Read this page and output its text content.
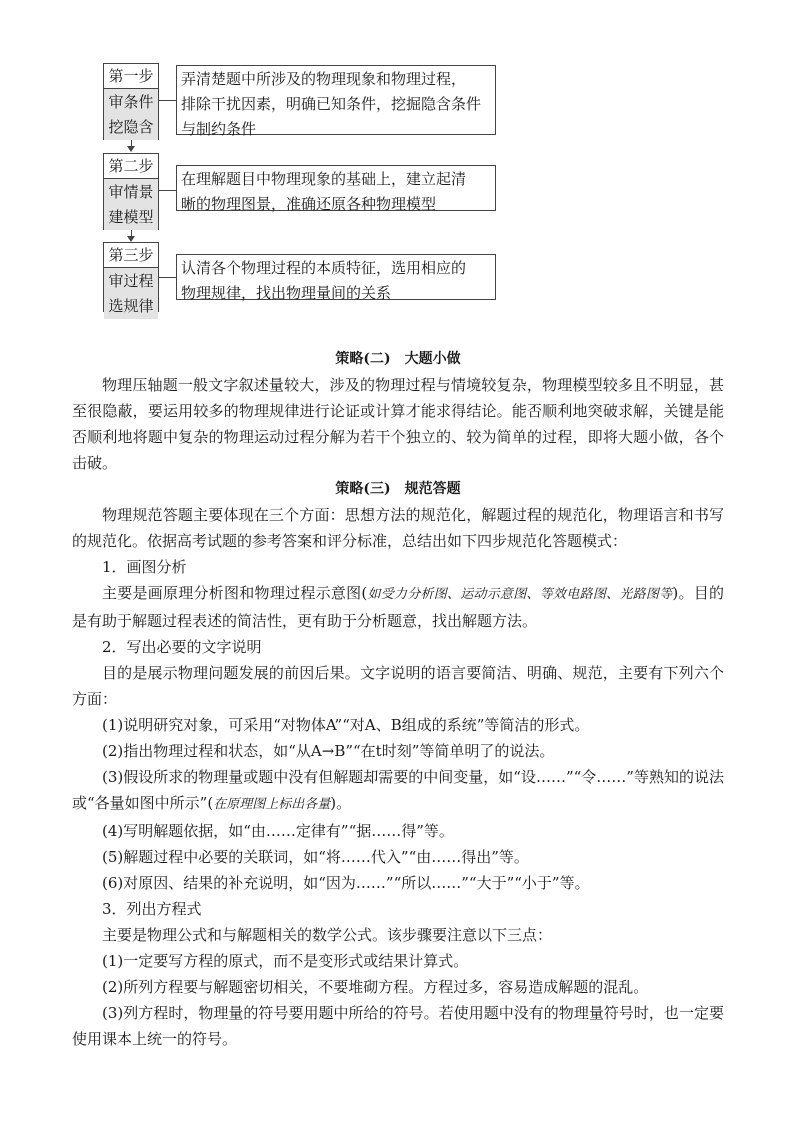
第一步
审条件
挖隐含
弄清楚题中所涉及的物理现象和物理过程，
排除干扰因素，明确已知条件，挖掘隐含条件
与制约条件
第二步
审情景
建模型
在理解题目中物理现象的基础上，建立起清
晰的物理图景，准确还原各种物理模型
第三步
审过程
选规律
认清各个物理过程的本质特征，选用相应的
物理规律，找出物理量间的关系
策略(二) 大题小做
物理压轴题一般文字叙述量较大，涉及的物理过程与情境较复杂，物理模型较多且不明显，甚至很隐蔽，要运用较多的物理规律进行论证或计算才能求得结论。能否顺利地突破求解，关键是能否顺利地将题中复杂的物理运动过程分解为若干个独立的、较为简单的过程，即将大题小做，各个击破。
策略(三) 规范答题
物理规范答题主要体现在三个方面：思想方法的规范化，解题过程的规范化，物理语言和书写的规范化。依据高考试题的参考答案和评分标准，总结出如下四步规范化答题模式：
1．画图分析
主要是画原理分析图和物理过程示意图(如受力分析图、运动示意图、等效电路图、光路图等)。目的是有助于解题过程表述的简洁性，更有助于分析题意，找出解题方法。
2．写出必要的文字说明
目的是展示物理问题发展的前因后果。文字说明的语言要简洁、明确、规范，主要有下列六个方面：
(1)说明研究对象，可采用“对物体A”“对A、B组成的系统”等简洁的形式。
(2)指出物理过程和状态，如“从A→B”“在t时刻”等简单明了的说法。
(3)假设所求的物理量或题中没有但解题却需要的中间变量，如“设……”“令……”等熟知的说法或“各量如图中所示”(在原理图上标出各量)。
(4)写明解题依据，如“由……定律有”“据……得”等。
(5)解题过程中必要的关联词，如“将……代入”“由……得出”等。
(6)对原因、结果的补充说明，如“因为……”“所以……”“大于”“小于”等。
3．列出方程式
主要是物理公式和与解题相关的数学公式。该步骤要注意以下三点：
(1)一定要写方程的原式，而不是变形式或结果计算式。
(2)所列方程要与解题密切相关，不要堆砌方程。方程过多，容易造成解题的混乱。
(3)列方程时，物理量的符号要用题中所给的符号。若使用题中没有的物理量符号时，也一定要使用课本上统一的符号。
